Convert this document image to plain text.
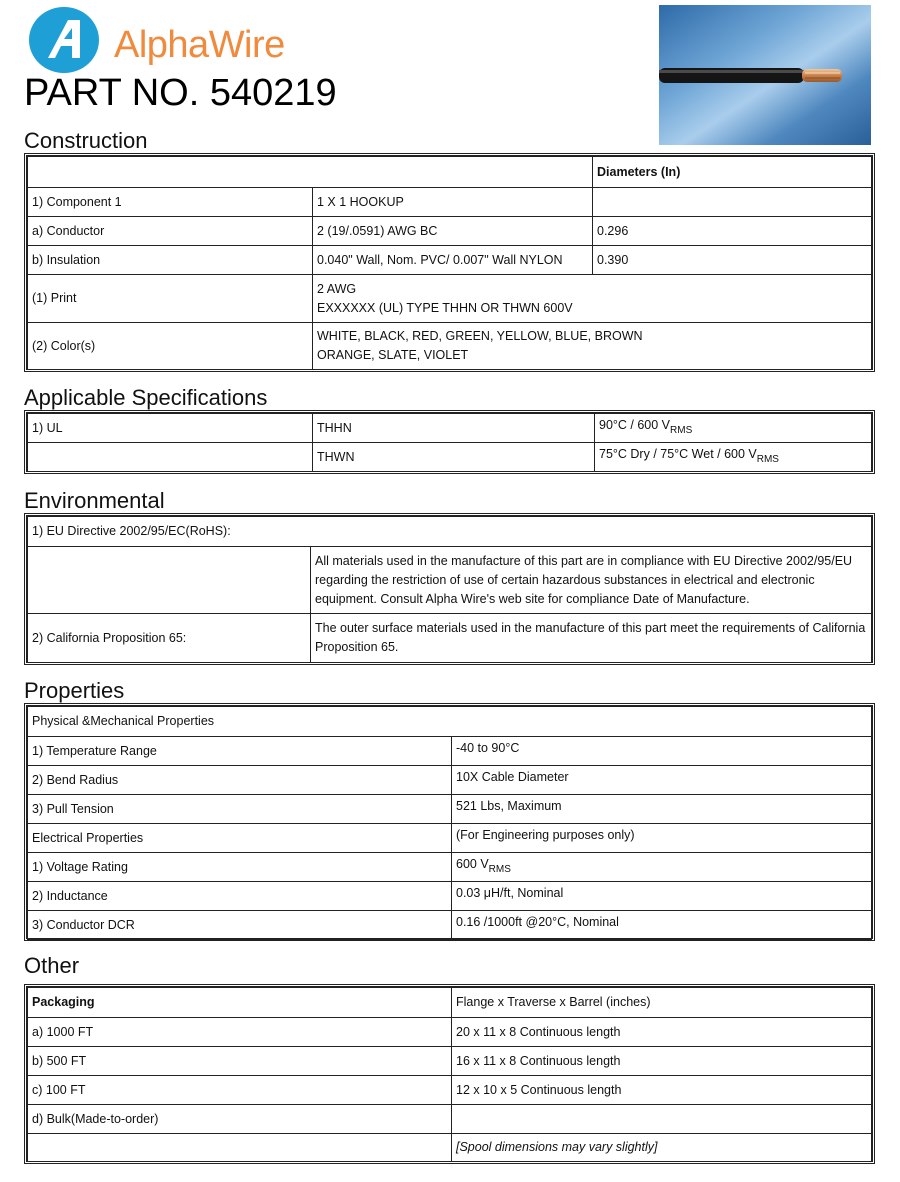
AlphaWire
PART NO. 540219
Construction
		Diameters (In)
1) Component 1	1 X 1 HOOKUP	
a) Conductor	2 (19/.0591) AWG BC	0.296
b) Insulation	0.040" Wall, Nom. PVC/ 0.007" Wall NYLON	0.390
(1) Print	2 AWG
EXXXXXX (UL) TYPE THHN OR THWN 600V	

(2) Color(s)	WHITE, BLACK, RED, GREEN, YELLOW, BLUE, BROWN
ORANGE, SLATE, VIOLET	
Applicable Specifications
1) UL	THHN	90°C / 600 $V_{RMS}$
	THWN	75°C Dry / 75°C Wet / 600 $V_{RMS}$
Environmental
1) EU Directive 2002/95/EC(RoHS):	
	All materials used in the manufacture of this part are in compliance with EU Directive 2002/95/EU regarding the restriction of use of certain hazardous substances in electrical and electronic equipment. Consult Alpha Wire's web site for compliance Date of Manufacture.
2) California Proposition 65:	The outer surface materials used in the manufacture of this part meet the requirements of California Proposition 65.
Properties
Physical &Mechanical Properties	
1) Temperature Range	-40 to 90°C
2) Bend Radius	10X Cable Diameter
3) Pull Tension	521 Lbs, Maximum
Electrical Properties	(For Engineering purposes only)
1) Voltage Rating	600 $V_{RMS}$
2) Inductance	0.03 μH/ft, Nominal
3) Conductor DCR	0.16 /1000ft @20°C, Nominal
Other
Packaging	Flange x Traverse x Barrel (inches)
a) 1000 FT	20 x 11 x 8 Continuous length
b) 500 FT	16 x 11 x 8 Continuous length
c) 100 FT	12 x 10 x 5 Continuous length
d) Bulk(Made-to-order)	
	[Spool dimensions may vary slightly]
